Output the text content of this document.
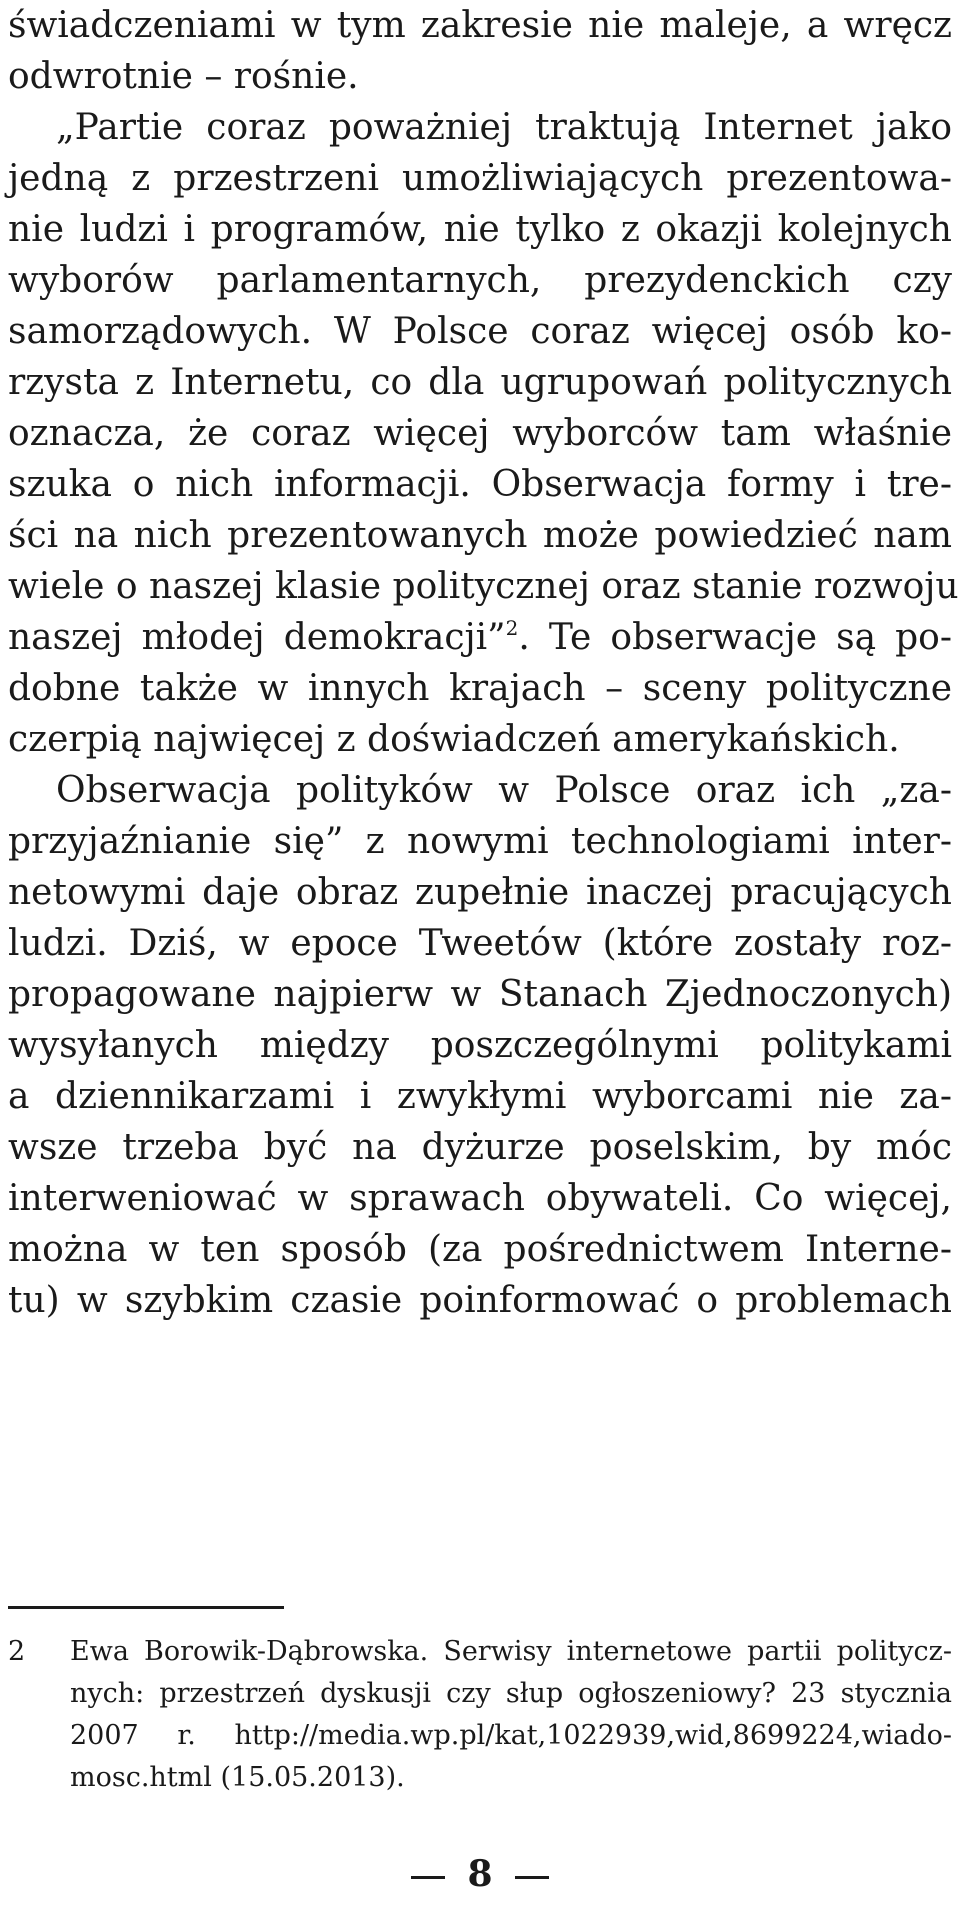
świadczeniami w tym zakresie nie maleje, a wręcz
odwrotnie – rośnie.
„Partie coraz poważniej traktują Internet jako
jedną z przestrzeni umożliwiających prezentowa-
nie ludzi i programów, nie tylko z okazji kolejnych
wyborów parlamentarnych, prezydenckich czy
samorządowych. W Polsce coraz więcej osób ko-
rzysta z Internetu, co dla ugrupowań politycznych
oznacza, że coraz więcej wyborców tam właśnie
szuka o nich informacji. Obserwacja formy i tre-
ści na nich prezentowanych może powiedzieć nam
wiele o naszej klasie politycznej oraz stanie rozwoju
naszej młodej demokracji”$^2$. Te obserwacje są po-
dobne także w innych krajach – sceny polityczne
czerpią najwięcej z doświadczeń amerykańskich.
Obserwacja polityków w Polsce oraz ich „za-
przyjaźnianie się” z nowymi technologiami inter-
netowymi daje obraz zupełnie inaczej pracujących
ludzi. Dziś, w epoce Tweetów (które zostały roz-
propagowane najpierw w Stanach Zjednoczonych)
wysyłanych między poszczególnymi politykami
a dziennikarzami i zwykłymi wyborcami nie za-
wsze trzeba być na dyżurze poselskim, by móc
interweniować w sprawach obywateli. Co więcej,
można w ten sposób (za pośrednictwem Interne-
tu) w szybkim czasie poinformować o problemach
2 Ewa Borowik-Dąbrowska. Serwisy internetowe partii politycz-
nych: przestrzeń dyskusji czy słup ogłoszeniowy? 23 stycznia
2007 r. http://media.wp.pl/kat,1022939,wid,8699224,wiado-
mosc.html (15.05.2013).
8
